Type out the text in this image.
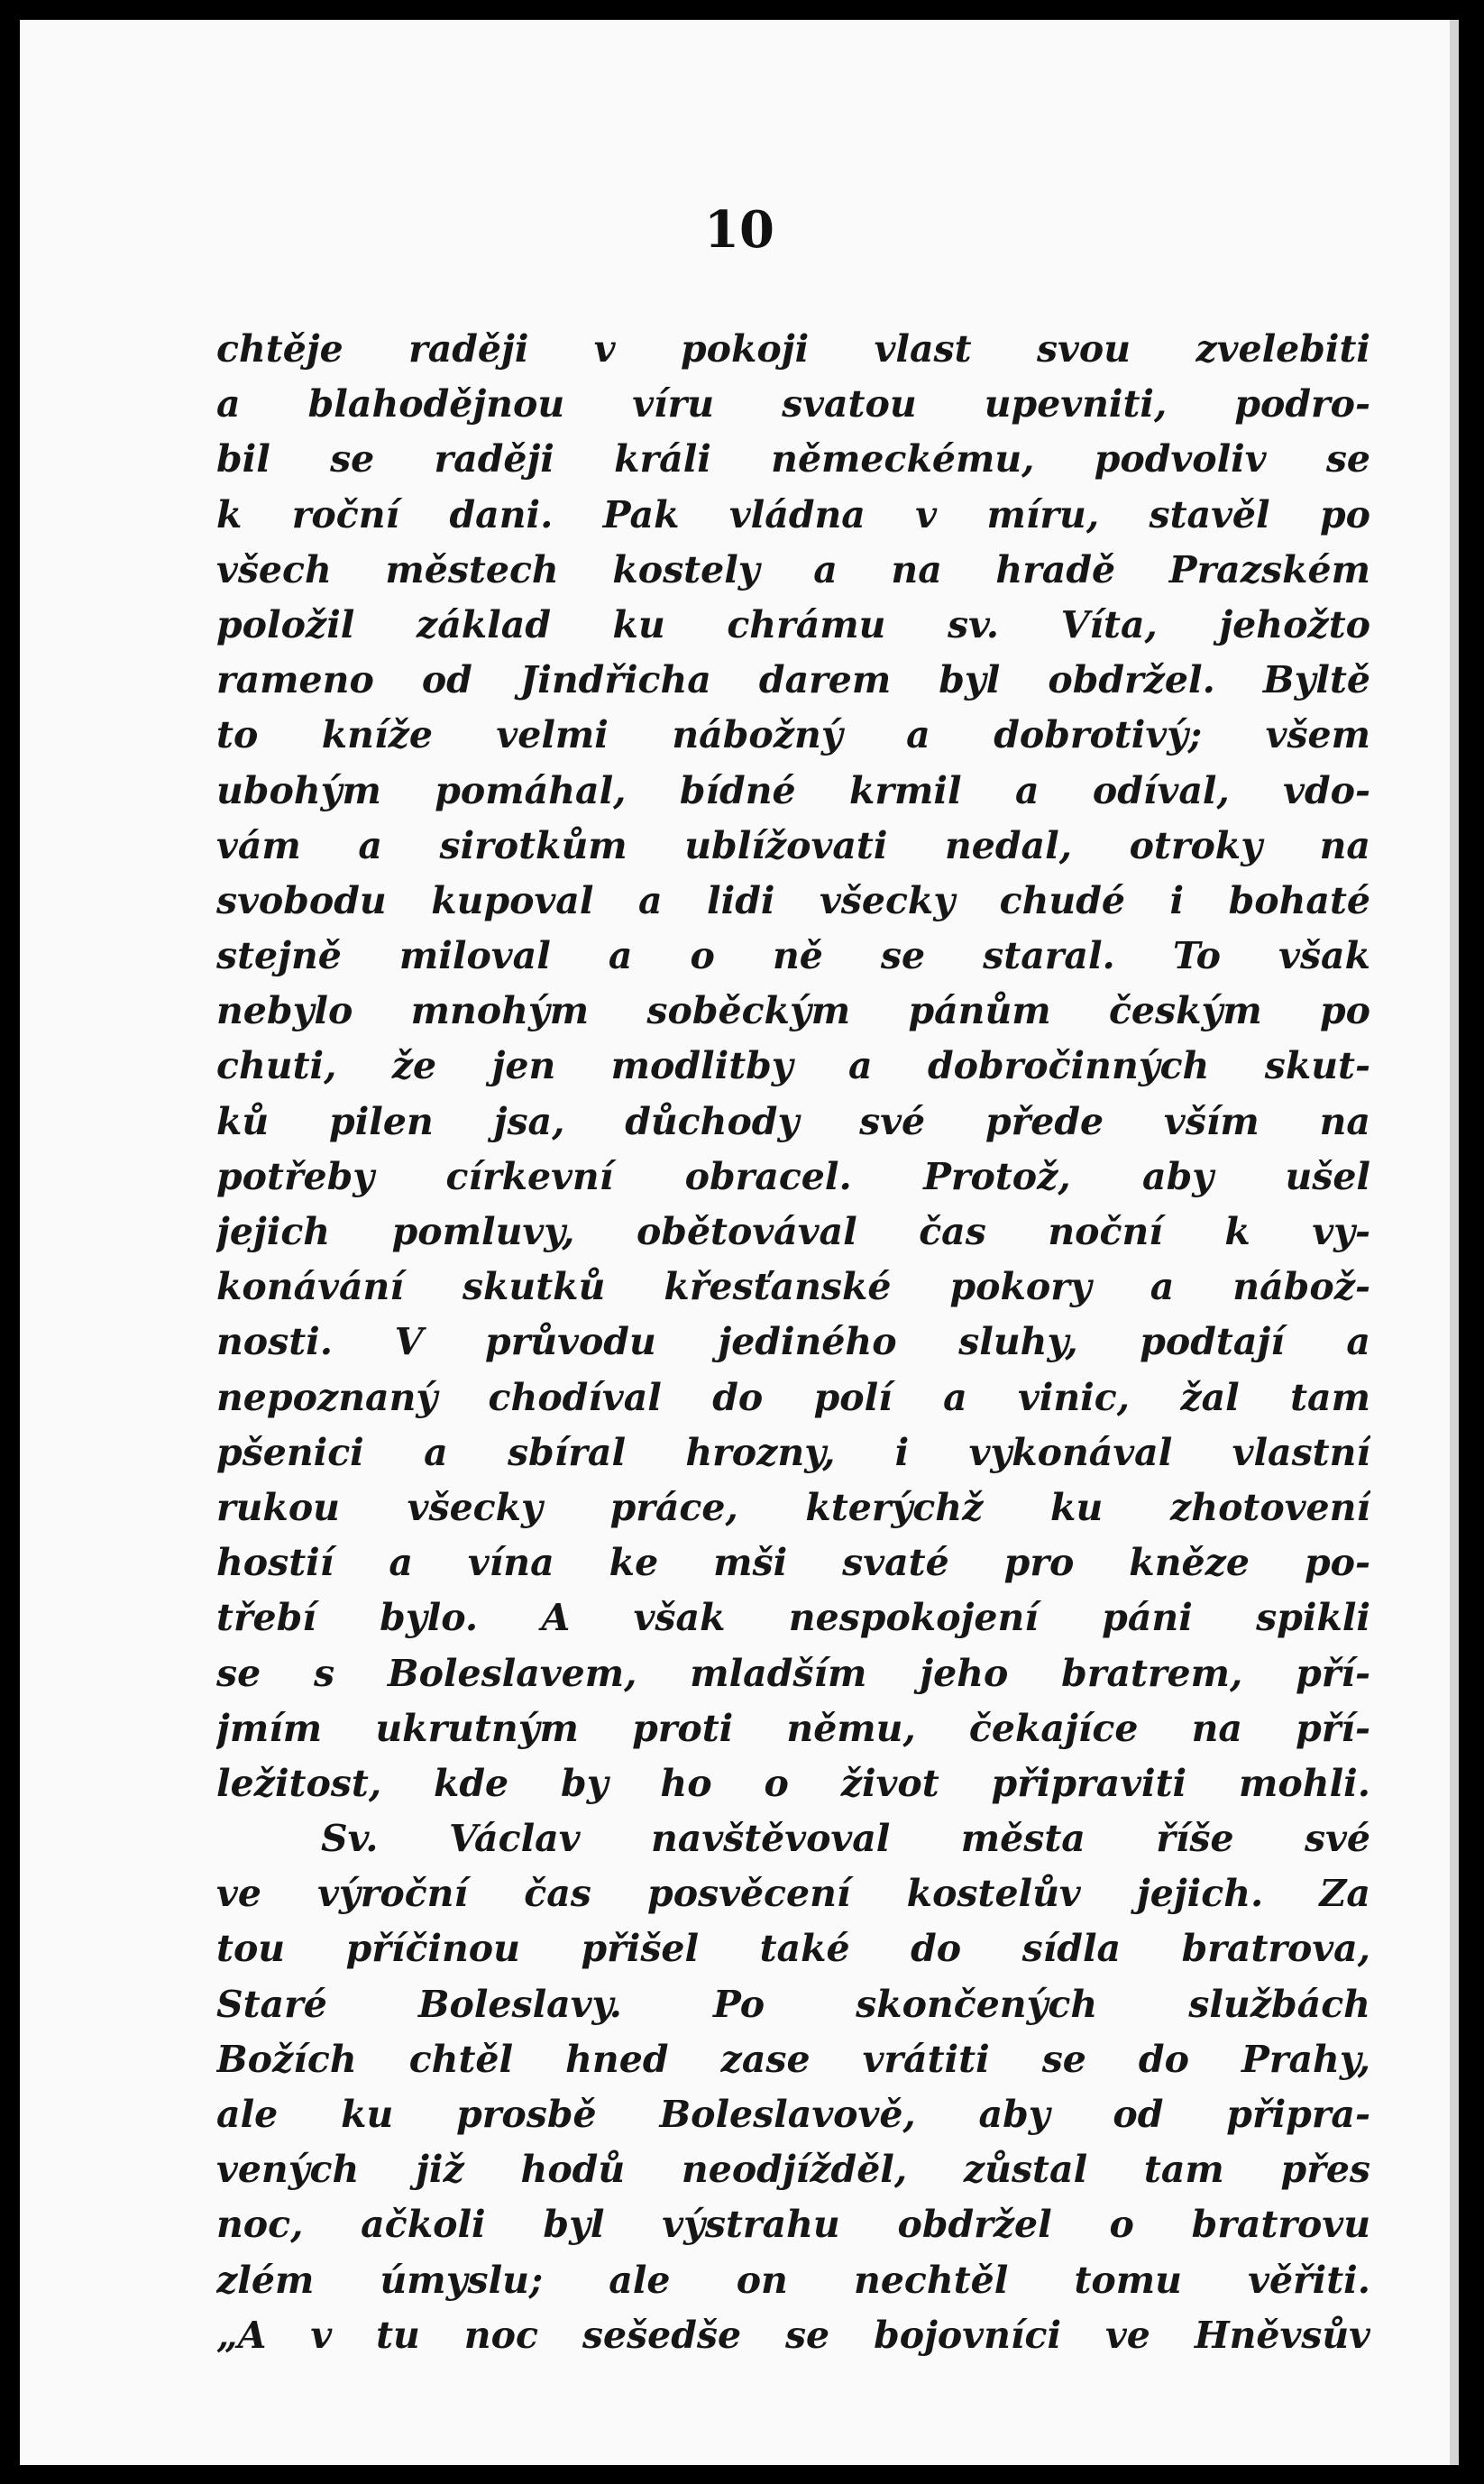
10
chtěje raději v pokoji vlast svou zvelebiti
a blahodějnou víru svatou upevniti, podro-
bil se raději králi německému, podvoliv se
k roční dani. Pak vládna v míru, stavěl po
všech městech kostely a na hradě Prazském
položil základ ku chrámu sv. Víta, jehožto
rameno od Jindřicha darem byl obdržel. Byltě
to kníže velmi nábožný a dobrotivý; všem
ubohým pomáhal, bídné krmil a odíval, vdo-
vám a sirotkům ublížovati nedal, otroky na
svobodu kupoval a lidi všecky chudé i bohaté
stejně miloval a o ně se staral. To však
nebylo mnohým soběckým pánům českým po
chuti, že jen modlitby a dobročinných skut-
ků pilen jsa, důchody své přede vším na
potřeby církevní obracel. Protož, aby ušel
jejich pomluvy, obětovával čas noční k vy-
konávání skutků křesťanské pokory a nábož-
nosti. V průvodu jediného sluhy, podtají a
nepoznaný chodíval do polí a vinic, žal tam
pšenici a sbíral hrozny, i vykonával vlastní
rukou všecky práce, kterýchž ku zhotovení
hostií a vína ke mši svaté pro kněze po-
třebí bylo. A však nespokojení páni spikli
se s Boleslavem, mladším jeho bratrem, pří-
jmím ukrutným proti němu, čekajíce na pří-
ležitost, kde by ho o život připraviti mohli.
Sv. Václav navštěvoval města říše své
ve výroční čas posvěcení kostelův jejich. Za
tou příčinou přišel také do sídla bratrova,
Staré Boleslavy. Po skončených službách
Božích chtěl hned zase vrátiti se do Prahy,
ale ku prosbě Boleslavově, aby od připra-
vených již hodů neodjížděl, zůstal tam přes
noc, ačkoli byl výstrahu obdržel o bratrovu
zlém úmyslu; ale on nechtěl tomu věřiti.
„A v tu noc sešedše se bojovníci ve Hněvsův
